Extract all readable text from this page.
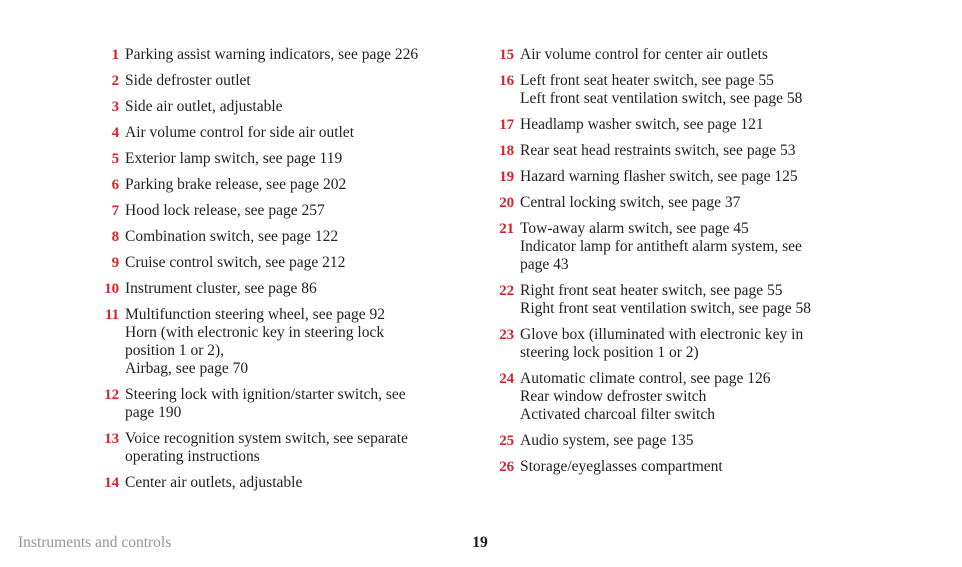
1 Parking assist warning indicators, see page 226
2 Side defroster outlet
3 Side air outlet, adjustable
4 Air volume control for side air outlet
5 Exterior lamp switch, see page 119
6 Parking brake release, see page 202
7 Hood lock release, see page 257
8 Combination switch, see page 122
9 Cruise control switch, see page 212
10 Instrument cluster, see page 86
11 Multifunction steering wheel, see page 92
Horn (with electronic key in steering lock
position 1 or 2),
Airbag, see page 70
12 Steering lock with ignition/starter switch, see
page 190
13 Voice recognition system switch, see separate
operating instructions
14 Center air outlets, adjustable
15 Air volume control for center air outlets
16 Left front seat heater switch, see page 55
Left front seat ventilation switch, see page 58
17 Headlamp washer switch, see page 121
18 Rear seat head restraints switch, see page 53
19 Hazard warning flasher switch, see page 125
20 Central locking switch, see page 37
21 Tow-away alarm switch, see page 45
Indicator lamp for antitheft alarm system, see
page 43
22 Right front seat heater switch, see page 55
Right front seat ventilation switch, see page 58
23 Glove box (illuminated with electronic key in
steering lock position 1 or 2)
24 Automatic climate control, see page 126
Rear window defroster switch
Activated charcoal filter switch
25 Audio system, see page 135
26 Storage/eyeglasses compartment
Instruments and controls	19
